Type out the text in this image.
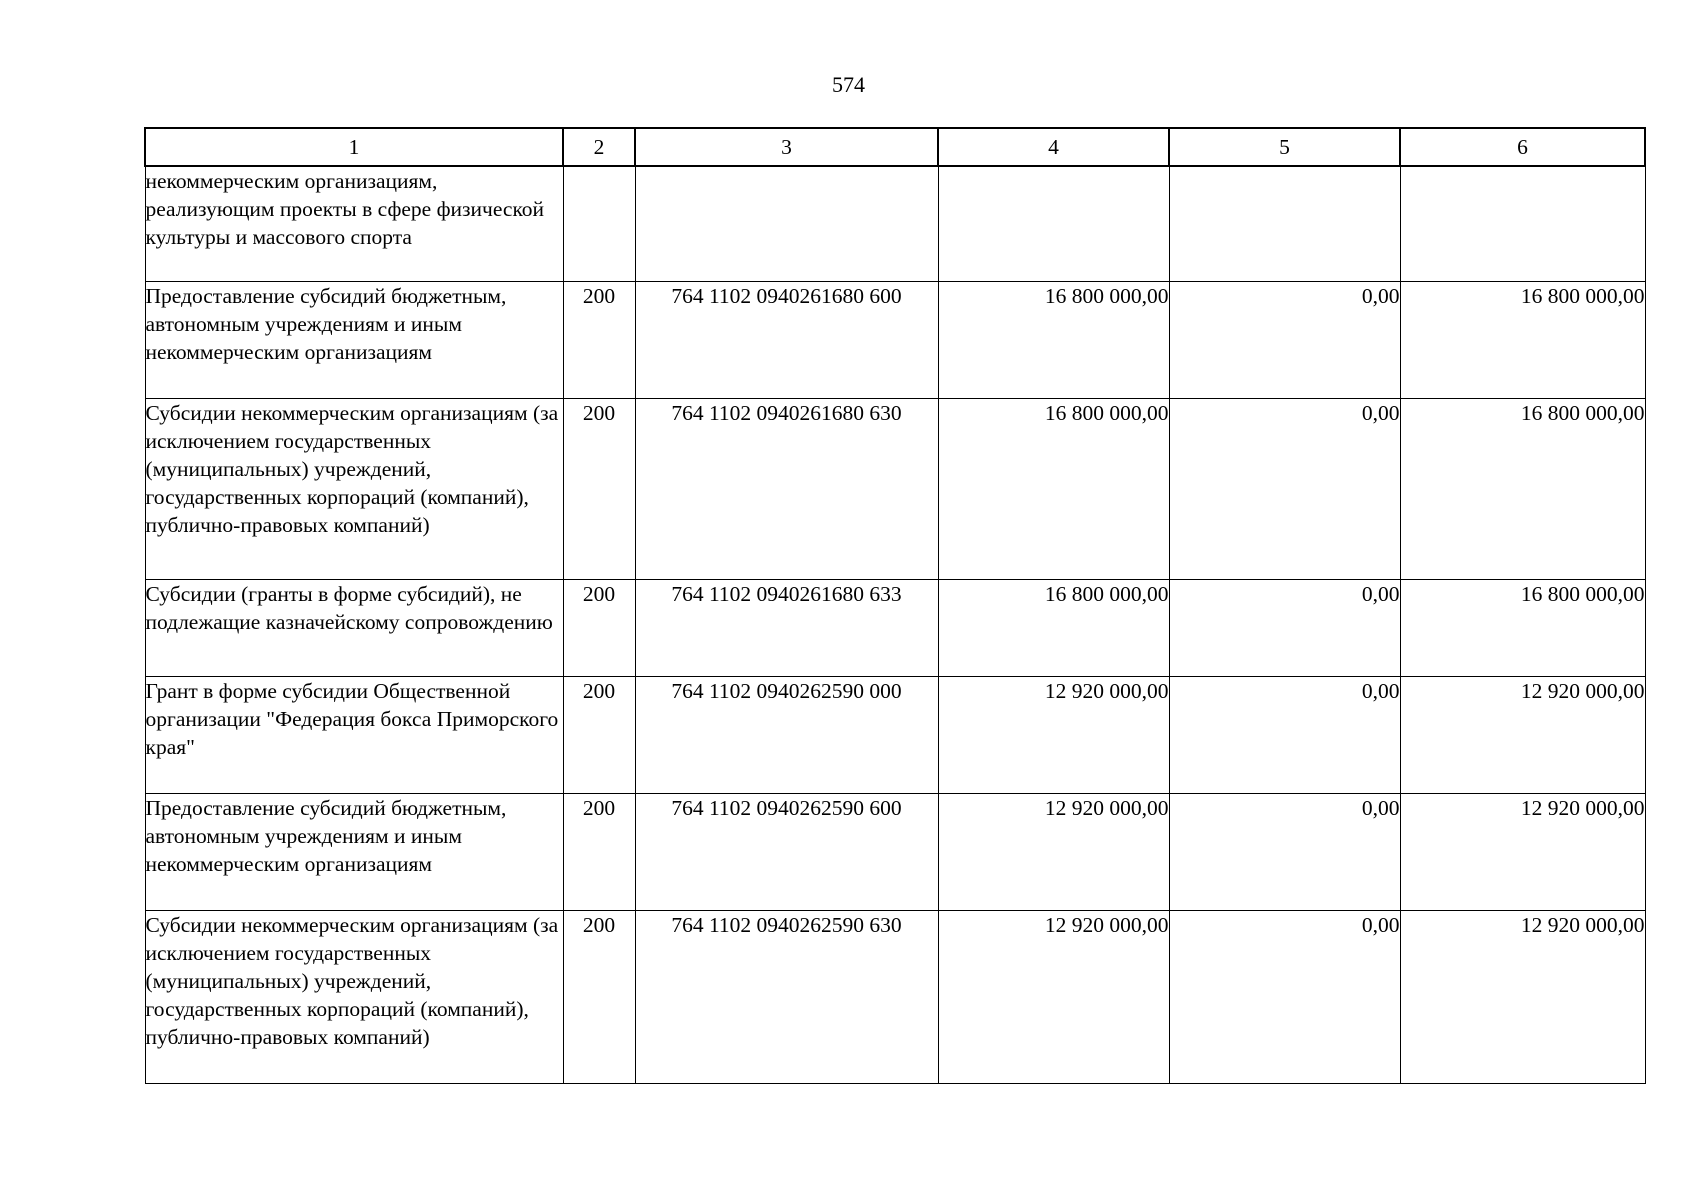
574
1	2	3	4	5	6
некоммерческим организациям, реализующим проекты в сфере физической культуры и массового спорта					
Предоставление субсидий бюджетным, автономным учреждениям и иным некоммерческим организациям	200	764 1102 0940261680 600	16 800 000,00	0,00	16 800 000,00
Субсидии некоммерческим организациям (за исключением государственных (муниципальных) учреждений, государственных корпораций (компаний), публично-правовых компаний)	200	764 1102 0940261680 630	16 800 000,00	0,00	16 800 000,00
Субсидии (гранты в форме субсидий), не подлежащие казначейскому сопровождению	200	764 1102 0940261680 633	16 800 000,00	0,00	16 800 000,00
Грант в форме субсидии Общественной организации "Федерация бокса Приморского края"	200	764 1102 0940262590 000	12 920 000,00	0,00	12 920 000,00
Предоставление субсидий бюджетным, автономным учреждениям и иным некоммерческим организациям	200	764 1102 0940262590 600	12 920 000,00	0,00	12 920 000,00
Субсидии некоммерческим организациям (за исключением государственных (муниципальных) учреждений, государственных корпораций (компаний), публично-правовых компаний)	200	764 1102 0940262590 630	12 920 000,00	0,00	12 920 000,00
